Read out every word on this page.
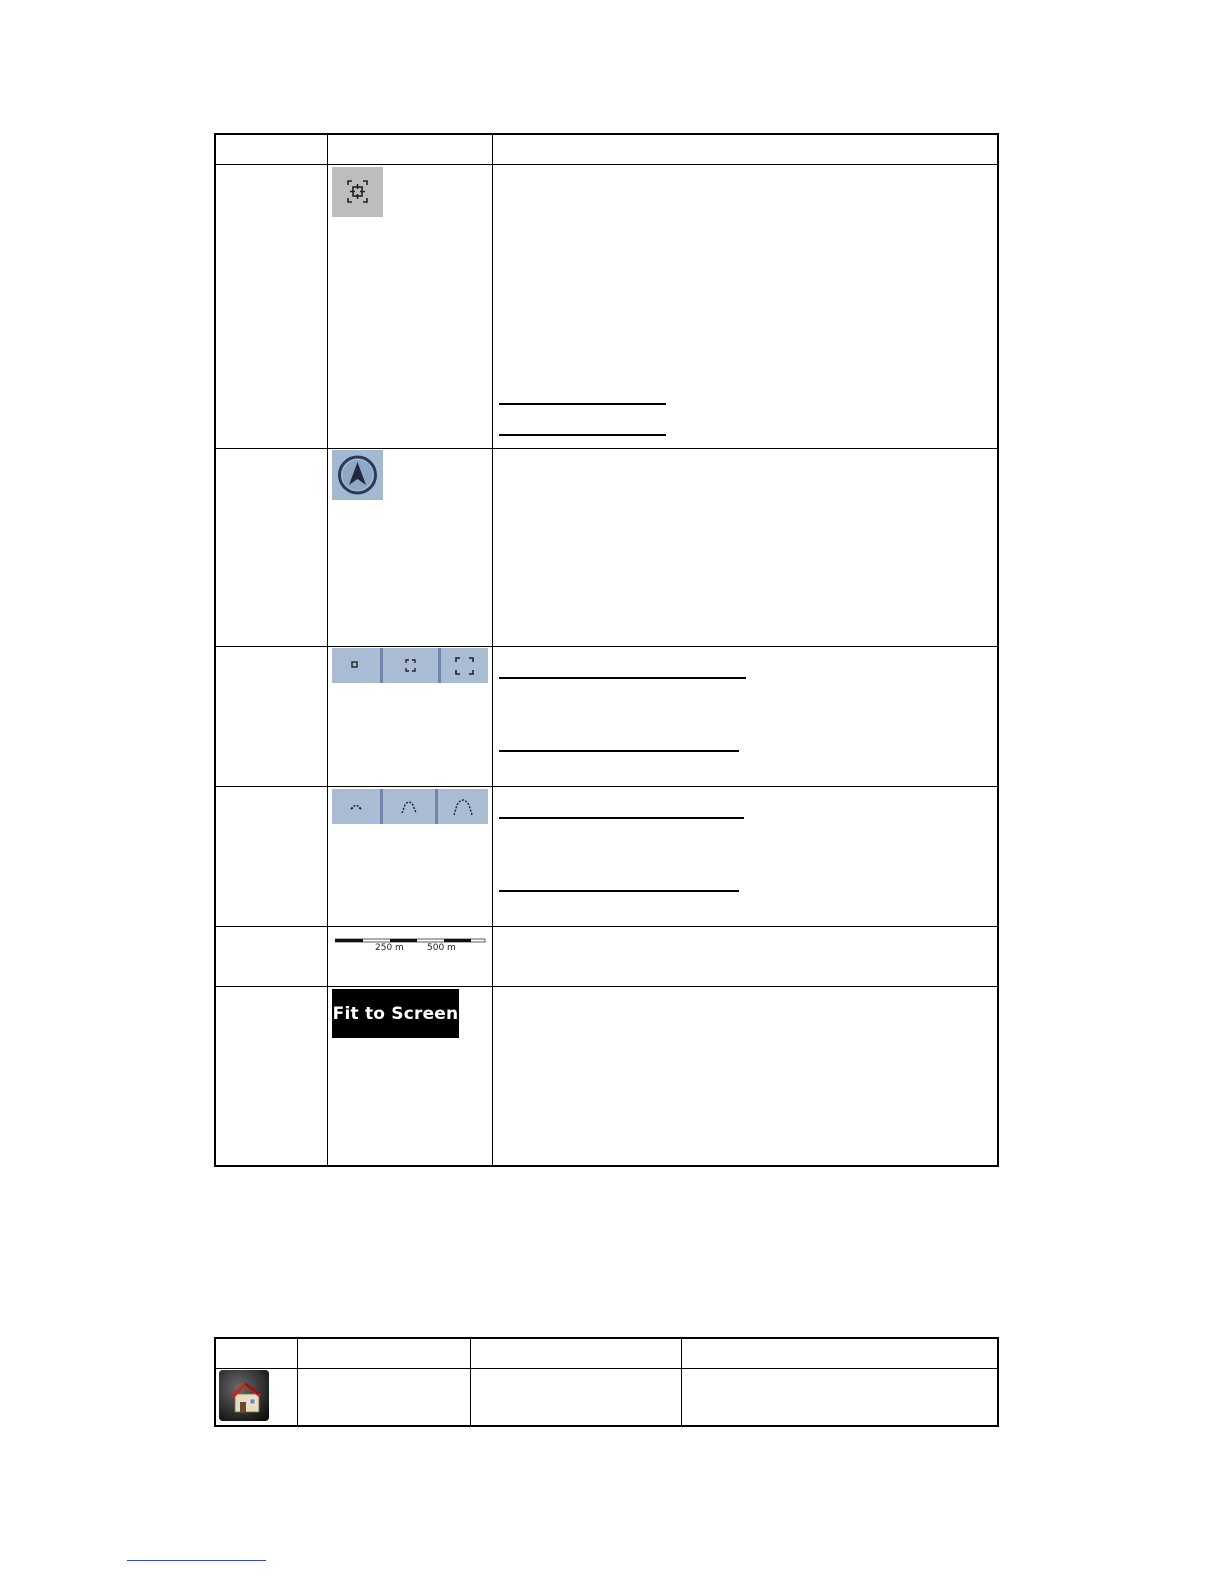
250 m	500 m
Fit to Screen
